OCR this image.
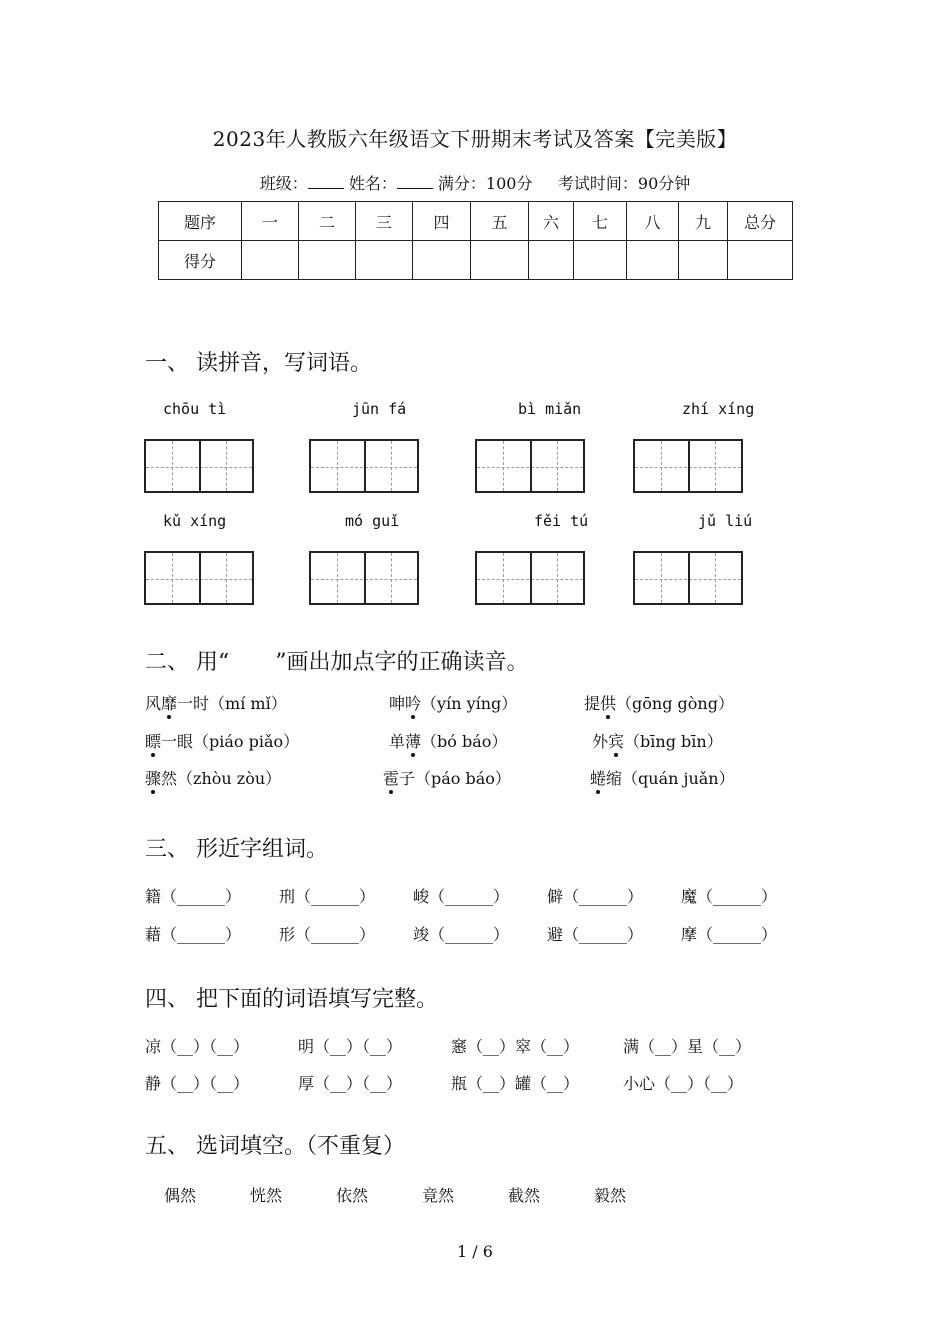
2023年人教版六年级语文下册期末考试及答案【完美版】
班级：	姓名：	满分：100分 考试时间：90分钟
题序	一	二	三	四	五	六	七	八	九	总分
得分										
一、 读拼音，写词语。
chōu tì	jūn fá	bì miǎn	zhí xíng
kǔ xíng	mó guǐ	fěi tú	jǔ liú
二、 用“ ”画出加点字的正确读音。
风靡一时（mí mǐ）	呻吟（yín yíng）	提供（gōng gòng）
瞟一眼（piáo piǎo）	单薄（bó báo）	外宾（bīng bīn）
骤然（zhòu zòu）	雹子（páo báo）	蜷缩（quán juǎn）
三、 形近字组词。
籍（______） 刑（______） 峻（______） 僻（______） 魔（______）
藉（______） 形（______） 竣（______） 避（______） 摩（______）
四、 把下面的词语填写完整。
凉（__）（__）	明（__）（__）	窸（__）窣（__）	满（__）星（__）
静（__）（__）	厚（__）（__）	瓶（__）罐（__）	小心（__）（__）
五、 选词填空。（不重复）
偶然	恍然	依然	竟然	截然	毅然
1 / 6
